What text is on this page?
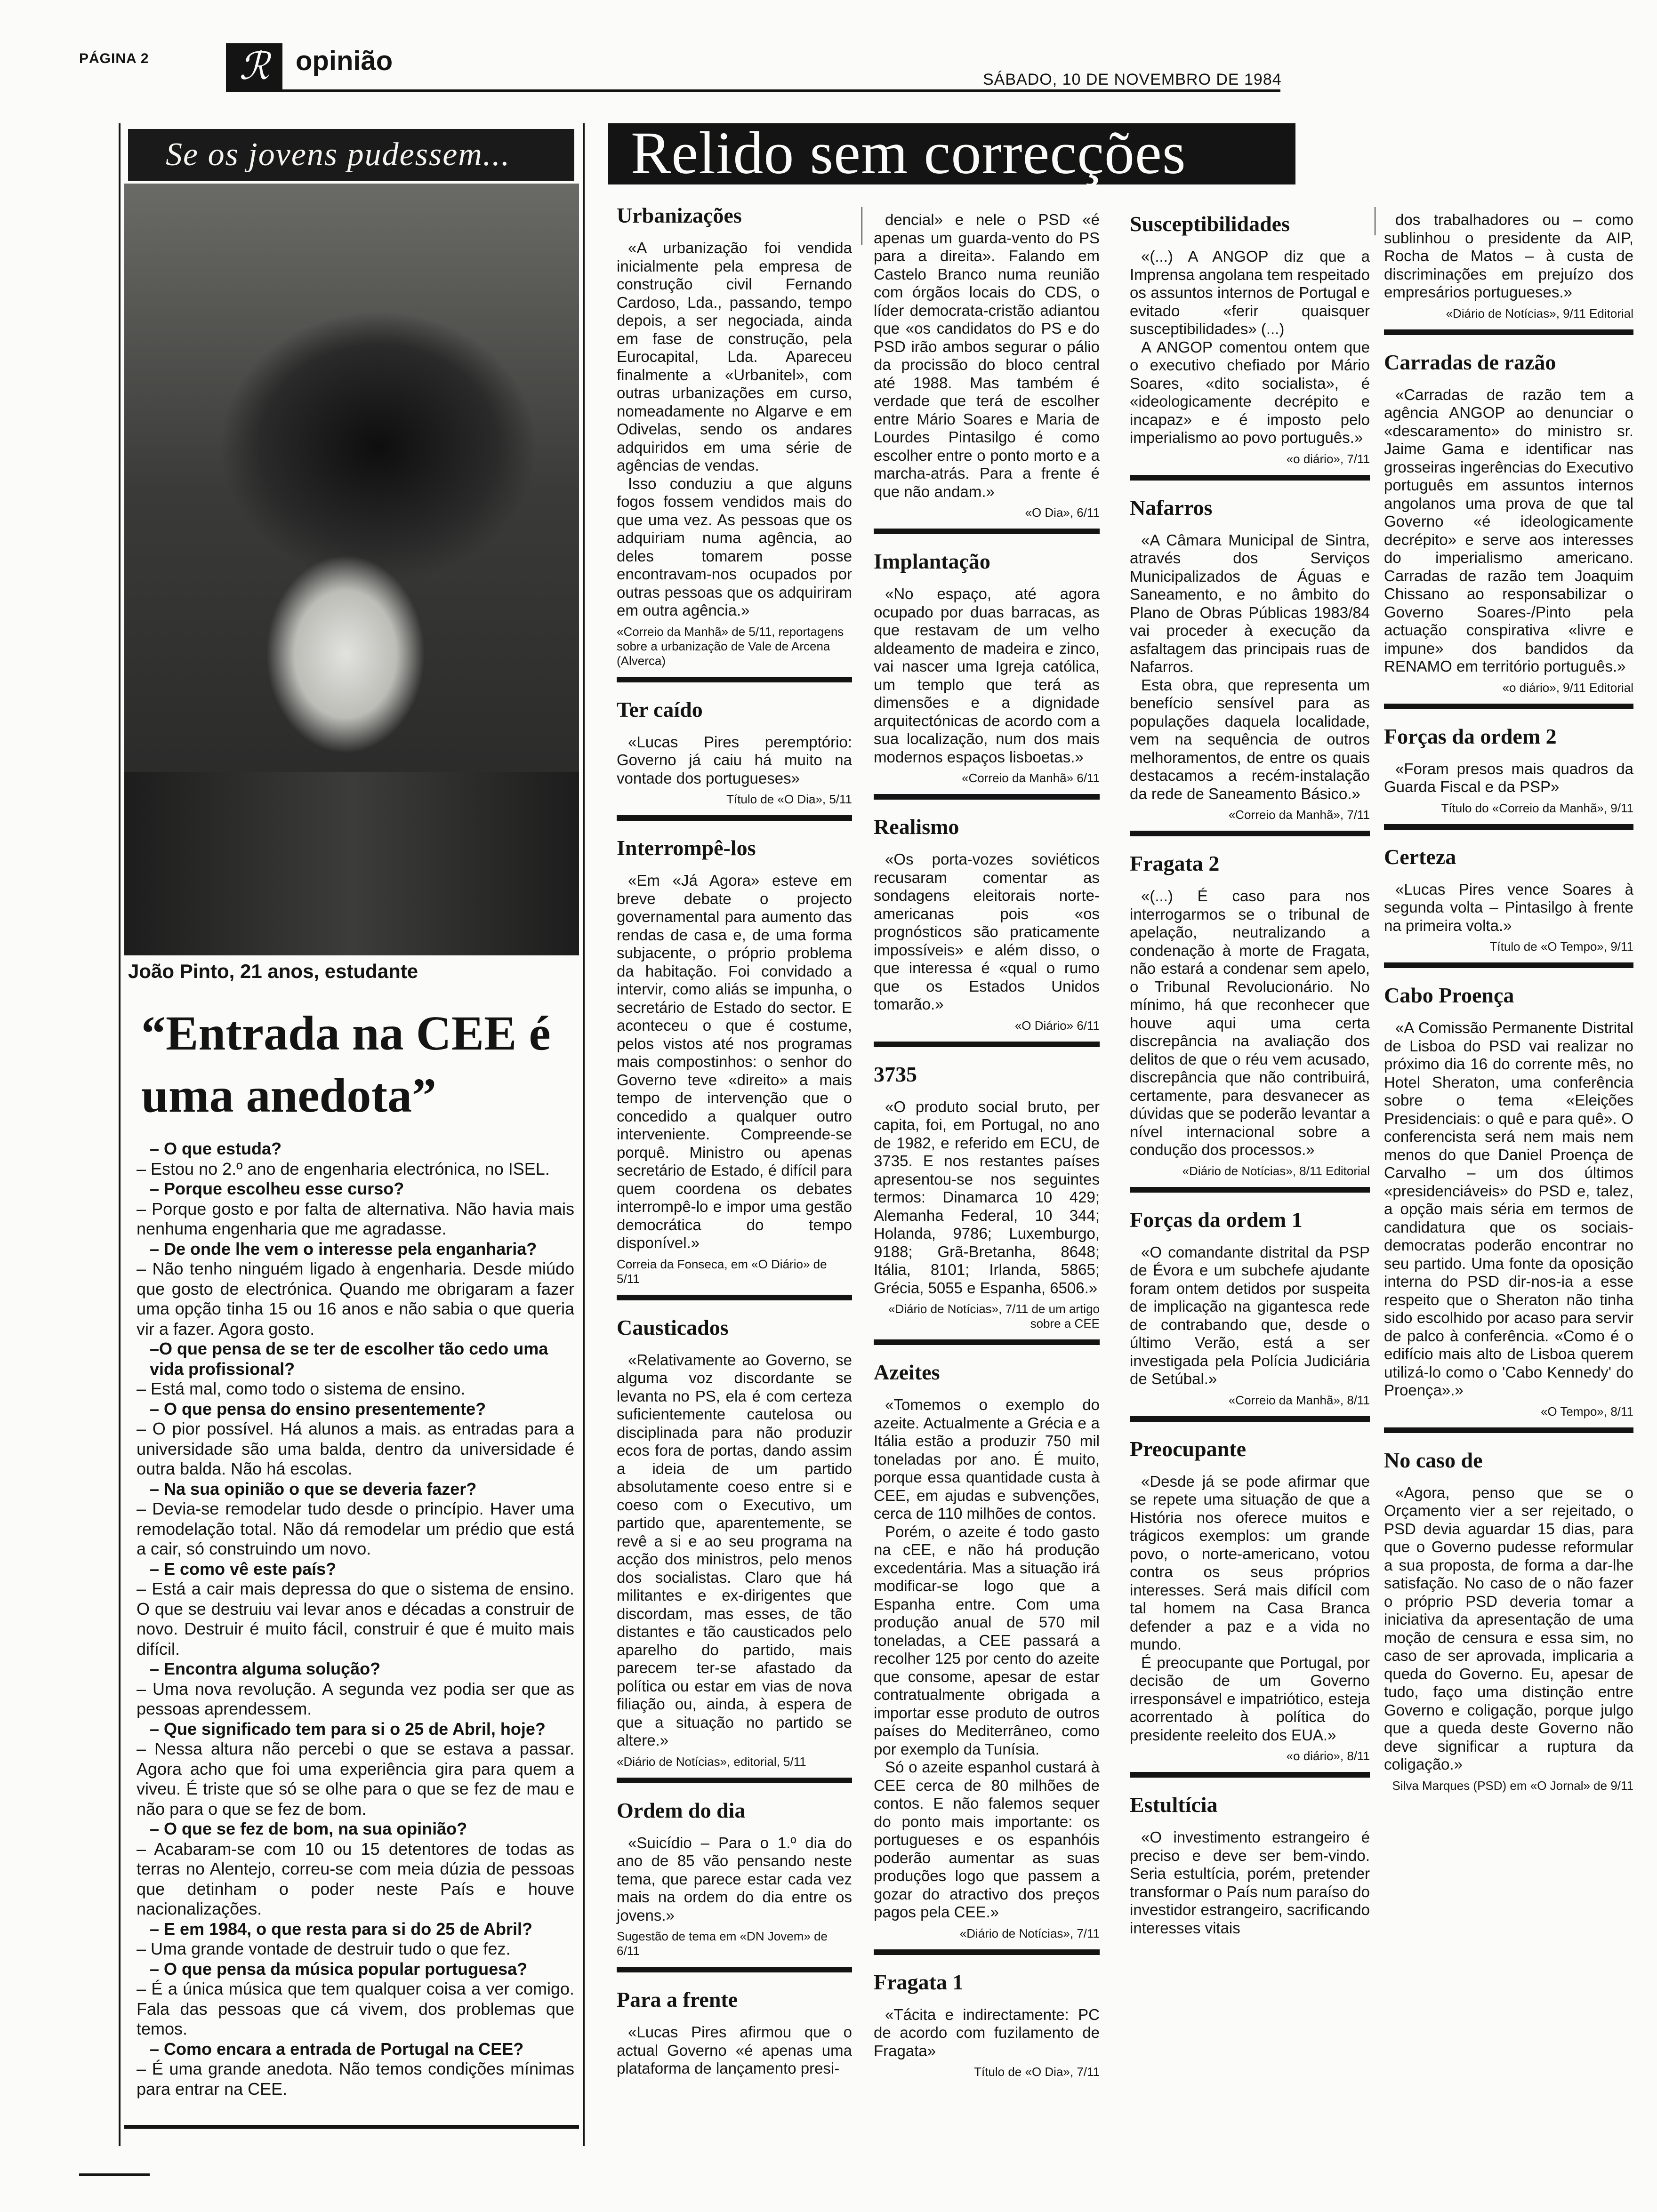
PÁGINA 2	ℛ opinião
SÁBADO, 10 DE NOVEMBRO DE 1984
Se os jovens pudessem...
João Pinto, 21 anos, estudante
“Entrada na CEE é uma anedota”
– O que estuda?
– Estou no 2.º ano de engenharia electrónica, no ISEL.
– Porque escolheu esse curso?
– Porque gosto e por falta de alternativa. Não havia mais nenhuma engenharia que me agradasse.
– De onde lhe vem o interesse pela enganharia?
– Não tenho ninguém ligado à engenharia. Desde miúdo que gosto de electrónica. Quando me obrigaram a fazer uma opção tinha 15 ou 16 anos e não sabia o que queria vir a fazer. Agora gosto.
–O que pensa de se ter de escolher tão cedo uma vida profissional?
– Está mal, como todo o sistema de ensino.
– O que pensa do ensino presentemente?
– O pior possível. Há alunos a mais. as entradas para a universidade são uma balda, dentro da universidade é outra balda. Não há escolas.
– Na sua opinião o que se deveria fazer?
– Devia-se remodelar tudo desde o princípio. Haver uma remodelação total. Não dá remodelar um prédio que está a cair, só construindo um novo.
– E como vê este país?
– Está a cair mais depressa do que o sistema de ensino. O que se destruiu vai levar anos e décadas a construir de novo. Destruir é muito fácil, construir é que é muito mais difícil.
– Encontra alguma solução?
– Uma nova revolução. A segunda vez podia ser que as pessoas aprendessem.
– Que significado tem para si o 25 de Abril, hoje?
– Nessa altura não percebi o que se estava a passar. Agora acho que foi uma experiência gira para quem a viveu. É triste que só se olhe para o que se fez de mau e não para o que se fez de bom.
– O que se fez de bom, na sua opinião?
– Acabaram-se com 10 ou 15 detentores de todas as terras no Alentejo, correu-se com meia dúzia de pessoas que detinham o poder neste País e houve nacionalizações.
– E em 1984, o que resta para si do 25 de Abril?
– Uma grande vontade de destruir tudo o que fez.
– O que pensa da música popular portuguesa?
– É a única música que tem qualquer coisa a ver comigo. Fala das pessoas que cá vivem, dos problemas que temos.
– Como encara a entrada de Portugal na CEE?
– É uma grande anedota. Não temos condições mínimas para entrar na CEE.
Relido sem correcções
Urbanizações

«A urbanização foi vendida inicialmente pela empresa de construção civil Fernando Cardoso, Lda., passando, tempo depois, a ser negociada, ainda em fase de construção, pela Eurocapital, Lda. Apareceu finalmente a «Urbanitel», com outras urbanizações em curso, nomeadamente no Algarve e em Odivelas, sendo os andares adquiridos em uma série de agências de vendas.

Isso conduziu a que alguns fogos fossem vendidos mais do que uma vez. As pessoas que os adquiriam numa agência, ao deles tomarem posse encontravam-nos ocupados por outras pessoas que os adquiriram em outra agência.»

«Correio da Manhã» de 5/11, reportagens sobre a urbanização de Vale de Arcena (Alverca)

Ter caído

«Lucas Pires peremptório: Governo já caiu há muito na vontade dos portugueses»

Título de «O Dia», 5/11

Interrompê-los

«Em «Já Agora» esteve em breve debate o projecto governamental para aumento das rendas de casa e, de uma forma subjacente, o próprio problema da habitação. Foi convidado a intervir, como aliás se impunha, o secretário de Estado do sector. E aconteceu o que é costume, pelos vistos até nos programas mais compostinhos: o senhor do Governo teve «direito» a mais tempo de intervenção que o concedido a qualquer outro interveniente. Compreende-se porquê. Ministro ou apenas secretário de Estado, é difícil para quem coordena os debates interrompê-lo e impor uma gestão democrática do tempo disponível.»

Correia da Fonseca, em «O Diário» de 5/11

Causticados

«Relativamente ao Governo, se alguma voz discordante se levanta no PS, ela é com certeza suficientemente cautelosa ou disciplinada para não produzir ecos fora de portas, dando assim a ideia de um partido absolutamente coeso entre si e coeso com o Executivo, um partido que, aparentemente, se revê a si e ao seu programa na acção dos ministros, pelo menos dos socialistas. Claro que há militantes e ex-dirigentes que discordam, mas esses, de tão distantes e tão causticados pelo aparelho do partido, mais parecem ter-se afastado da política ou estar em vias de nova filiação ou, ainda, à espera de que a situação no partido se altere.»

«Diário de Notícias», editorial, 5/11

Ordem do dia

«Suicídio – Para o 1.º dia do ano de 85 vão pensando neste tema, que parece estar cada vez mais na ordem do dia entre os jovens.»

Sugestão de tema em «DN Jovem» de 6/11

Para a frente

«Lucas Pires afirmou que o actual Governo «é apenas uma plataforma de lançamento presi-

dencial» e nele o PSD «é apenas um guarda-vento do PS para a direita». Falando em Castelo Branco numa reunião com órgãos locais do CDS, o líder democrata-cristão adiantou que «os candidatos do PS e do PSD irão ambos segurar o pálio da procissão do bloco central até 1988. Mas também é verdade que terá de escolher entre Mário Soares e Maria de Lourdes Pintasilgo é como escolher entre o ponto morto e a marcha-atrás. Para a frente é que não andam.»

«O Dia», 6/11

Implantação

«No espaço, até agora ocupado por duas barracas, as que restavam de um velho aldeamento de madeira e zinco, vai nascer uma Igreja católica, um templo que terá as dimensões e a dignidade arquitectónicas de acordo com a sua localização, num dos mais modernos espaços lisboetas.»

«Correio da Manhã» 6/11

Realismo

«Os porta-vozes soviéticos recusaram comentar as sondagens eleitorais norte-americanas pois «os prognósticos são praticamente impossíveis» e além disso, o que interessa é «qual o rumo que os Estados Unidos tomarão.»

«O Diário» 6/11

3735

«O produto social bruto, per capita, foi, em Portugal, no ano de 1982, e referido em ECU, de 3735. E nos restantes países apresentou-se nos seguintes termos: Dinamarca 10 429; Alemanha Federal, 10 344; Holanda, 9786; Luxemburgo, 9188; Grã-Bretanha, 8648; Itália, 8101; Irlanda, 5865; Grécia, 5055 e Espanha, 6506.»

«Diário de Notícias», 7/11 de um artigo sobre a CEE

Azeites

«Tomemos o exemplo do azeite. Actualmente a Grécia e a Itália estão a produzir 750 mil toneladas por ano. É muito, porque essa quantidade custa à CEE, em ajudas e subvenções, cerca de 110 milhões de contos.

Porém, o azeite é todo gasto na cEE, e não há produção excedentária. Mas a situação irá modificar-se logo que a Espanha entre. Com uma produção anual de 570 mil toneladas, a CEE passará a recolher 125 por cento do azeite que consome, apesar de estar contratualmente obrigada a importar esse produto de outros países do Mediterrâneo, como por exemplo da Tunísia.

Só o azeite espanhol custará à CEE cerca de 80 milhões de contos. E não falemos sequer do ponto mais importante: os portugueses e os espanhóis poderão aumentar as suas produções logo que passem a gozar do atractivo dos preços pagos pela CEE.»

«Diário de Notícias», 7/11

Fragata 1

«Tácita e indirectamente: PC de acordo com fuzilamento de Fragata»

Título de «O Dia», 7/11

Susceptibilidades

«(...) A ANGOP diz que a Imprensa angolana tem respeitado os assuntos internos de Portugal e evitado «ferir quaisquer susceptibilidades» (...)

A ANGOP comentou ontem que o executivo chefiado por Mário Soares, «dito socialista», é «ideologicamente decrépito e incapaz» e é imposto pelo imperialismo ao povo português.»

«o diário», 7/11

Nafarros

«A Câmara Municipal de Sintra, através dos Serviços Municipalizados de Águas e Saneamento, e no âmbito do Plano de Obras Públicas 1983/84 vai proceder à execução da asfaltagem das principais ruas de Nafarros.

Esta obra, que representa um benefício sensível para as populações daquela localidade, vem na sequência de outros melhoramentos, de entre os quais destacamos a recém-instalação da rede de Saneamento Básico.»

«Correio da Manhã», 7/11

Fragata 2

«(...) É caso para nos interrogarmos se o tribunal de apelação, neutralizando a condenação à morte de Fragata, não estará a condenar sem apelo, o Tribunal Revolucionário. No mínimo, há que reconhecer que houve aqui uma certa discrepância na avaliação dos delitos de que o réu vem acusado, discrepância que não contribuirá, certamente, para desvanecer as dúvidas que se poderão levantar a nível internacional sobre a condução dos processos.»

«Diário de Notícias», 8/11 Editorial

Forças da ordem 1

«O comandante distrital da PSP de Évora e um subchefe ajudante foram ontem detidos por suspeita de implicação na gigantesca rede de contrabando que, desde o último Verão, está a ser investigada pela Polícia Judiciária de Setúbal.»

«Correio da Manhã», 8/11

Preocupante

«Desde já se pode afirmar que se repete uma situação de que a História nos oferece muitos e trágicos exemplos: um grande povo, o norte-americano, votou contra os seus próprios interesses. Será mais difícil com tal homem na Casa Branca defender a paz e a vida no mundo.

É preocupante que Portugal, por decisão de um Governo irresponsável e impatriótico, esteja acorrentado à política do presidente reeleito dos EUA.»

«o diário», 8/11

Estultícia

«O investimento estrangeiro é preciso e deve ser bem-vindo. Seria estultícia, porém, pretender transformar o País num paraíso do investidor estrangeiro, sacrificando interesses vitais

dos trabalhadores ou – como sublinhou o presidente da AIP, Rocha de Matos – à custa de discriminações em prejuízo dos empresários portugueses.»

«Diário de Notícias», 9/11 Editorial

Carradas de razão

«Carradas de razão tem a agência ANGOP ao denunciar o «descaramento» do ministro sr. Jaime Gama e identificar nas grosseiras ingerências do Executivo português em assuntos internos angolanos uma prova de que tal Governo «é ideologicamente decrépito» e serve aos interesses do imperialismo americano. Carradas de razão tem Joaquim Chissano ao responsabilizar o Governo Soares-/Pinto pela actuação conspirativa «livre e impune» dos bandidos da RENAMO em território português.»

«o diário», 9/11 Editorial

Forças da ordem 2

«Foram presos mais quadros da Guarda Fiscal e da PSP»

Título do «Correio da Manhã», 9/11

Certeza

«Lucas Pires vence Soares à segunda volta – Pintasilgo à frente na primeira volta.»

Título de «O Tempo», 9/11

Cabo Proença

«A Comissão Permanente Distrital de Lisboa do PSD vai realizar no próximo dia 16 do corrente mês, no Hotel Sheraton, uma conferência sobre o tema «Eleições Presidenciais: o quê e para quê». O conferencista será nem mais nem menos do que Daniel Proença de Carvalho – um dos últimos «presidenciáveis» do PSD e, talez, a opção mais séria em termos de candidatura que os sociais-democratas poderão encontrar no seu partido. Uma fonte da oposição interna do PSD dir-nos-ia a esse respeito que o Sheraton não tinha sido escolhido por acaso para servir de palco à conferência. «Como é o edifício mais alto de Lisboa querem utilizá-lo como o 'Cabo Kennedy' do Proença».»

«O Tempo», 8/11

No caso de

«Agora, penso que se o Orçamento vier a ser rejeitado, o PSD devia aguardar 15 dias, para que o Governo pudesse reformular a sua proposta, de forma a dar-lhe satisfação. No caso de o não fazer o próprio PSD deveria tomar a iniciativa da apresentação de uma moção de censura e essa sim, no caso de ser aprovada, implicaria a queda do Governo. Eu, apesar de tudo, faço uma distinção entre Governo e coligação, porque julgo que a queda deste Governo não deve significar a ruptura da coligação.»

Silva Marques (PSD) em «O Jornal» de 9/11
